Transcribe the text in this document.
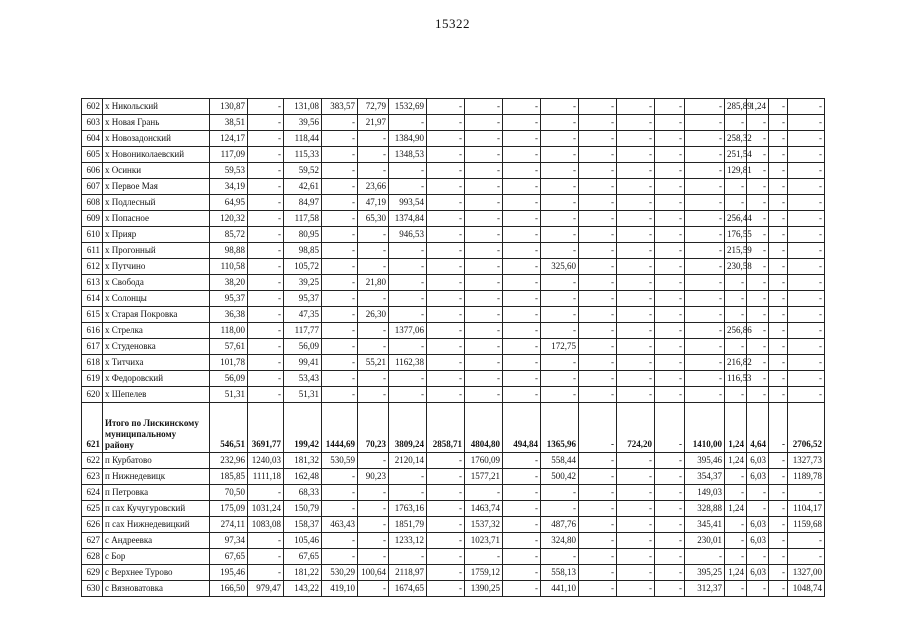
15322
602	х Никольский	130,87	-	131,08	383,57	72,79	1532,69	-	-	-	-	-	-	-	-	285,89	1,24	-	-
603	х Новая Грань	38,51	-	39,56	-	21,97	-	-	-	-	-	-	-	-	-	-	-	-	-
604	х Новозадонский	124,17	-	118,44	-	-	1384,90	-	-	-	-	-	-	-	-	258,32	-	-	-
605	х Новониколаевский	117,09	-	115,33	-	-	1348,53	-	-	-	-	-	-	-	-	251,54	-	-	-
606	х Осинки	59,53	-	59,52	-	-	-	-	-	-	-	-	-	-	-	129,81	-	-	-
607	х Первое Мая	34,19	-	42,61	-	23,66	-	-	-	-	-	-	-	-	-	-	-	-	-
608	х Подлесный	64,95	-	84,97	-	47,19	993,54	-	-	-	-	-	-	-	-	-	-	-	-
609	х Попасное	120,32	-	117,58	-	65,30	1374,84	-	-	-	-	-	-	-	-	256,44	-	-	-
610	х Прияр	85,72	-	80,95	-	-	946,53	-	-	-	-	-	-	-	-	176,55	-	-	-
611	х Прогонный	98,88	-	98,85	-	-	-	-	-	-	-	-	-	-	-	215,59	-	-	-
612	х Путчино	110,58	-	105,72	-	-	-	-	-	-	325,60	-	-	-	-	230,58	-	-	-
613	х Свобода	38,20	-	39,25	-	21,80	-	-	-	-	-	-	-	-	-	-	-	-	-
614	х Солонцы	95,37	-	95,37	-	-	-	-	-	-	-	-	-	-	-	-	-	-	-
615	х Старая Покровка	36,38	-	47,35	-	26,30	-	-	-	-	-	-	-	-	-	-	-	-	-
616	х Стрелка	118,00	-	117,77	-	-	1377,06	-	-	-	-	-	-	-	-	256,86	-	-	-
617	х Студеновка	57,61	-	56,09	-	-	-	-	-	-	172,75	-	-	-	-	-	-	-	-
618	х Титчиха	101,78	-	99,41	-	55,21	1162,38	-	-	-	-	-	-	-	-	216,82	-	-	-
619	х Федоровский	56,09	-	53,43	-	-	-	-	-	-	-	-	-	-	-	116,53	-	-	-
620	х Шепелев	51,31	-	51,31	-	-	-	-	-	-	-	-	-	-	-	-	-	-	-
621	Итого по Лискинскому муниципальному району	546,51	3691,77	199,42	1444,69	70,23	3809,24	2858,71	4804,80	494,84	1365,96	-	724,20	-	1410,00	1,24	4,64	-	2706,52
622	п Курбатово	232,96	1240,03	181,32	530,59	-	2120,14	-	1760,09	-	558,44	-	-	-	395,46	1,24	6,03	-	1327,73
623	п Нижнедевицк	185,85	1111,18	162,48	-	90,23	-	-	1577,21	-	500,42	-	-	-	354,37	-	6,03	-	1189,78
624	п Петровка	70,50	-	68,33	-	-	-	-	-	-	-	-	-	-	149,03	-	-	-	-
625	п сах Кучугуровский	175,09	1031,24	150,79	-	-	1763,16	-	1463,74	-	-	-	-	-	328,88	1,24	-	-	1104,17
626	п сах Нижнедевицкий	274,11	1083,08	158,37	463,43	-	1851,79	-	1537,32	-	487,76	-	-	-	345,41	-	6,03	-	1159,68
627	с Андреевка	97,34	-	105,46	-	-	1233,12	-	1023,71	-	324,80	-	-	-	230,01	-	6,03	-	-
628	с Бор	67,65	-	67,65	-	-	-	-	-	-	-	-	-	-	-	-	-	-	-
629	с Верхнее Турово	195,46	-	181,22	530,29	100,64	2118,97	-	1759,12	-	558,13	-	-	-	395,25	1,24	6,03	-	1327,00
630	с Вязноватовка	166,50	979,47	143,22	419,10	-	1674,65	-	1390,25	-	441,10	-	-	-	312,37	-	-	-	1048,74
